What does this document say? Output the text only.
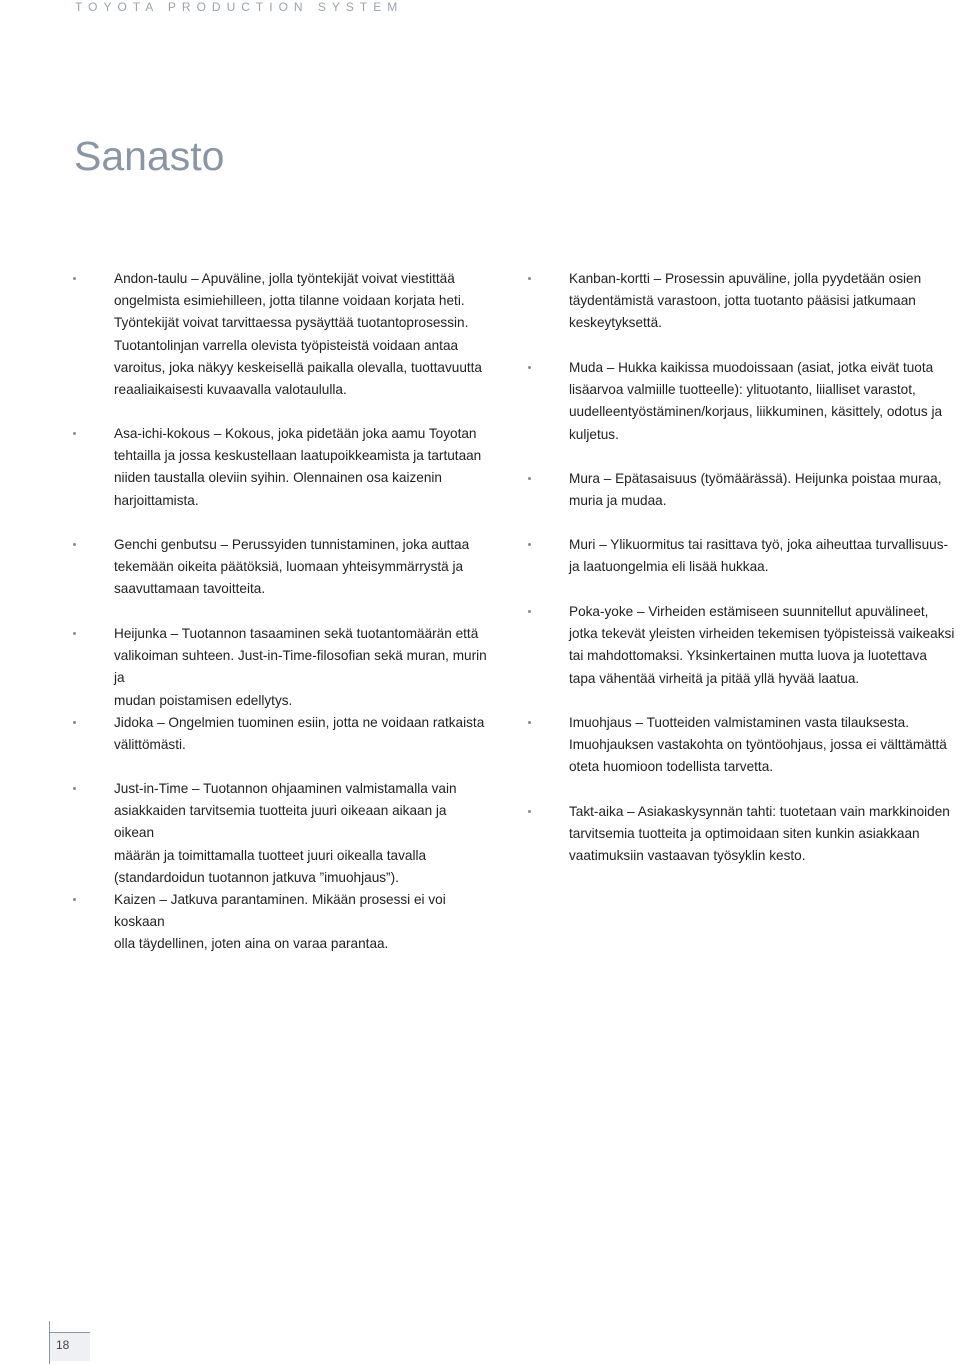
TOYOTA PRODUCTION SYSTEM
Sanasto
Andon-taulu – Apuväline, jolla työntekijät voivat viestittää
ongelmista esimiehilleen, jotta tilanne voidaan korjata heti.
Työntekijät voivat tarvittaessa pysäyttää tuotantoprosessin.
Tuotantolinjan varrella olevista työpisteistä voidaan antaa
varoitus, joka näkyy keskeisellä paikalla olevalla, tuottavuutta
reaaliaikaisesti kuvaavalla valotaululla.
Asa-ichi-kokous – Kokous, joka pidetään joka aamu Toyotan
tehtailla ja jossa keskustellaan laatupoikkeamista ja tartutaan
niiden taustalla oleviin syihin. Olennainen osa kaizenin
harjoittamista.
Genchi genbutsu – Perussyiden tunnistaminen, joka auttaa
tekemään oikeita päätöksiä, luomaan yhteisymmärrystä ja
saavuttamaan tavoitteita.
Heijunka – Tuotannon tasaaminen sekä tuotantomäärän että
valikoiman suhteen. Just-in-Time-filosofian sekä muran, murin ja
mudan poistamisen edellytys.
Jidoka – Ongelmien tuominen esiin, jotta ne voidaan ratkaista
välittömästi.
Just-in-Time – Tuotannon ohjaaminen valmistamalla vain
asiakkaiden tarvitsemia tuotteita juuri oikeaan aikaan ja oikean
määrän ja toimittamalla tuotteet juuri oikealla tavalla
(standardoidun tuotannon jatkuva ”imuohjaus”).
Kaizen – Jatkuva parantaminen. Mikään prosessi ei voi koskaan
olla täydellinen, joten aina on varaa parantaa.
Kanban-kortti – Prosessin apuväline, jolla pyydetään osien
täydentämistä varastoon, jotta tuotanto pääsisi jatkumaan
keskeytyksettä.
Muda – Hukka kaikissa muodoissaan (asiat, jotka eivät tuota
lisäarvoa valmiille tuotteelle): ylituotanto, liialliset varastot,
uudelleentyöstäminen/korjaus, liikkuminen, käsittely, odotus ja
kuljetus.
Mura – Epätasaisuus (työmäärässä). Heijunka poistaa muraa,
muria ja mudaa.
Muri – Ylikuormitus tai rasittava työ, joka aiheuttaa turvallisuus-
ja laatuongelmia eli lisää hukkaa.
Poka-yoke – Virheiden estämiseen suunnitellut apuvälineet,
jotka tekevät yleisten virheiden tekemisen työpisteissä vaikeaksi
tai mahdottomaksi. Yksinkertainen mutta luova ja luotettava
tapa vähentää virheitä ja pitää yllä hyvää laatua.
Imuohjaus – Tuotteiden valmistaminen vasta tilauksesta.
Imuohjauksen vastakohta on työntöohjaus, jossa ei välttämättä
oteta huomioon todellista tarvetta.
Takt-aika – Asiakaskysynnän tahti: tuotetaan vain markkinoiden
tarvitsemia tuotteita ja optimoidaan siten kunkin asiakkaan
vaatimuksiin vastaavan työsyklin kesto.
18
